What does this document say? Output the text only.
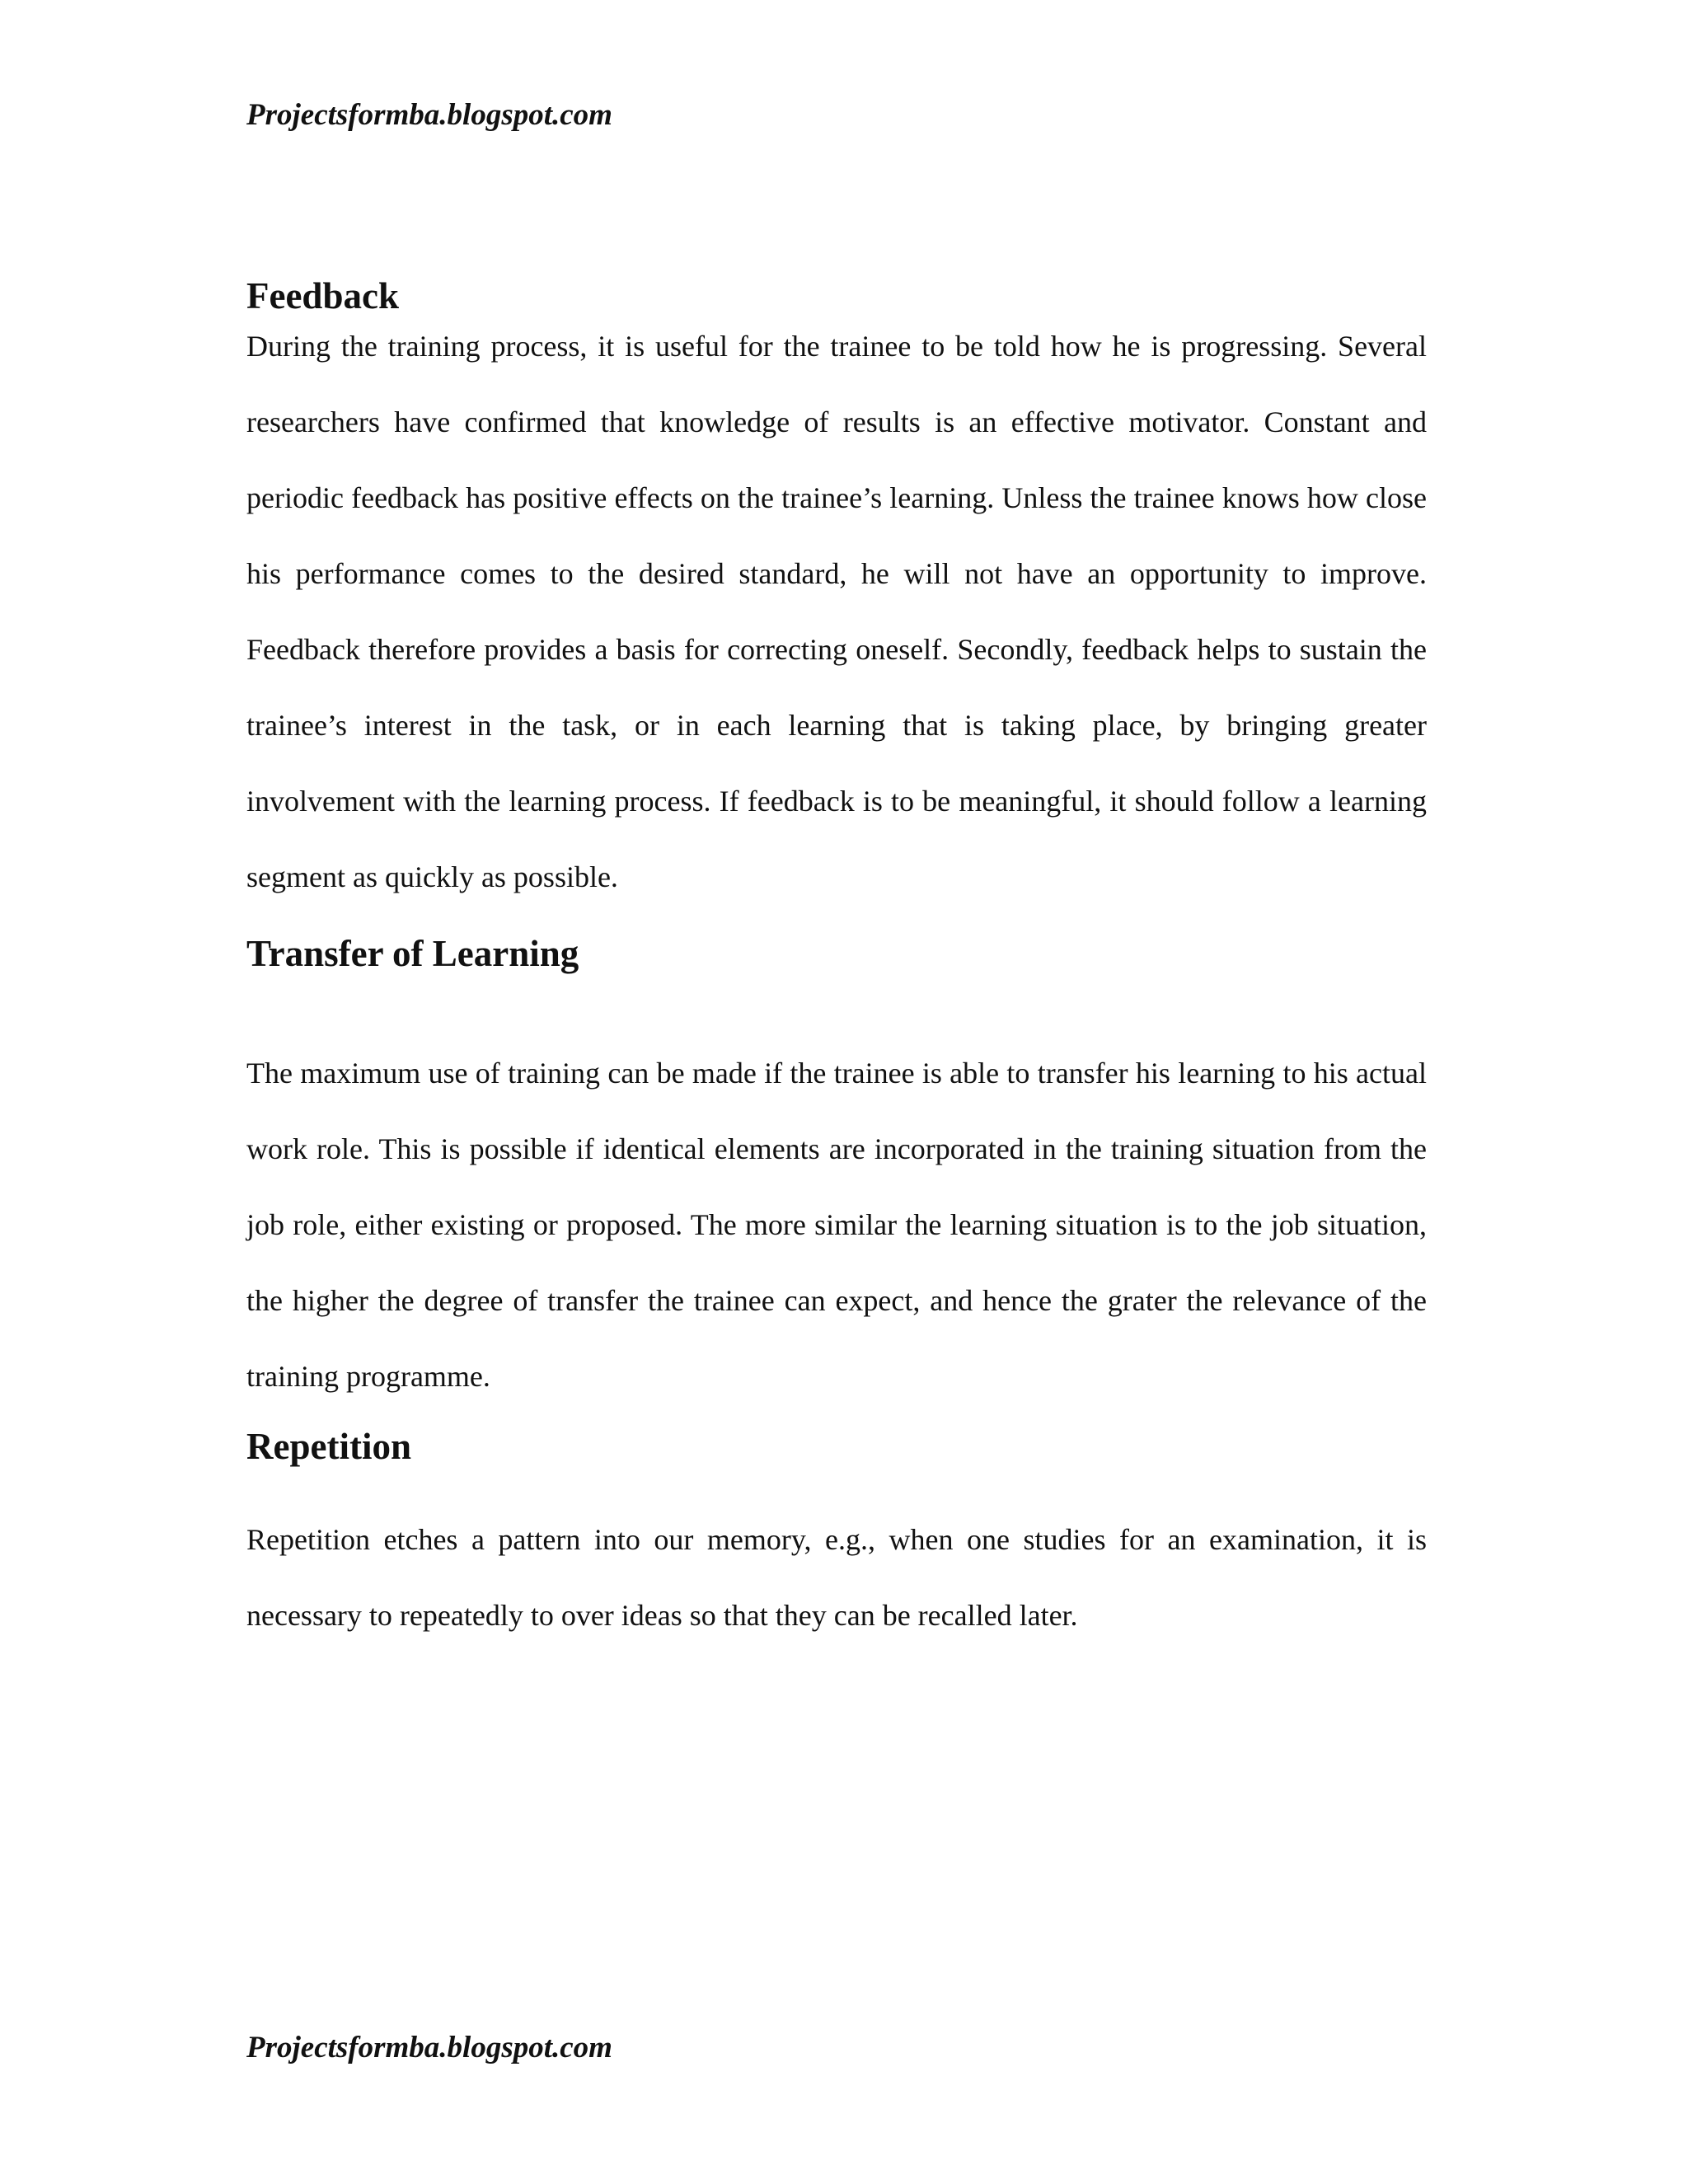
Projectsformba.blogspot.com

Feedback

During the training process, it is useful for the trainee to be told how he is progressing. Several researchers have confirmed that knowledge of results is an effective motivator. Constant and periodic feedback has positive effects on the trainee’s learning. Unless the trainee knows how close his performance comes to the desired standard, he will not have an opportunity to improve. Feedback therefore provides a basis for correcting oneself. Secondly, feedback helps to sustain the trainee’s interest in the task, or in each learning that is taking place, by bringing greater involvement with the learning process. If feedback is to be meaningful, it should follow a learning segment as quickly as possible.

Transfer of Learning

The maximum use of training can be made if the trainee is able to transfer his learning to his actual work role. This is possible if identical elements are incorporated in the training situation from the job role, either existing or proposed. The more similar the learning situation is to the job situation, the higher the degree of transfer the trainee can expect, and hence the grater the relevance of the training programme.

Repetition

Repetition etches a pattern into our memory, e.g., when one studies for an examination, it is necessary to repeatedly to over ideas so that they can be recalled later.

Projectsformba.blogspot.com
